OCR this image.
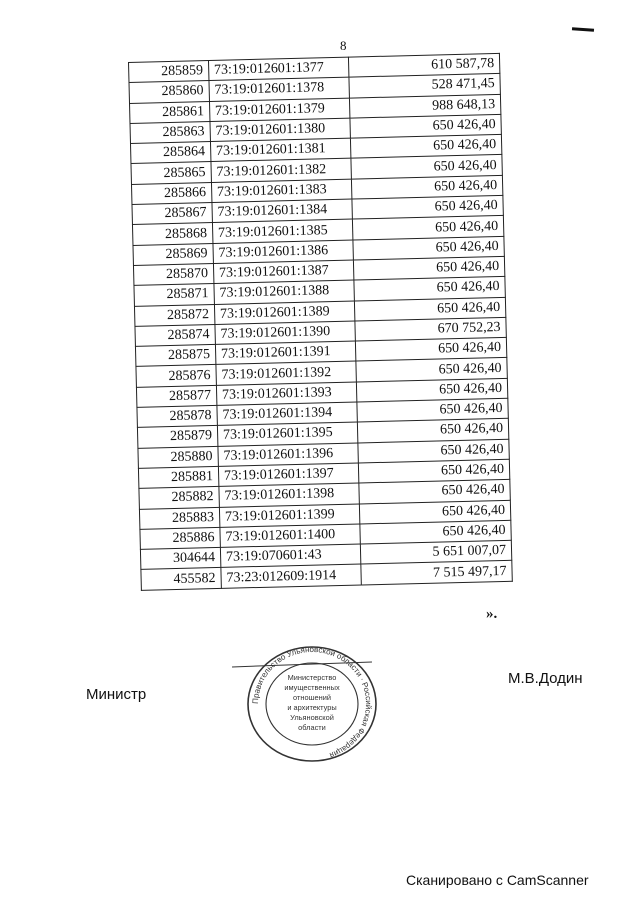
8
285859	73:19:012601:1377	610 587,78
285860	73:19:012601:1378	528 471,45
285861	73:19:012601:1379	988 648,13
285863	73:19:012601:1380	650 426,40
285864	73:19:012601:1381	650 426,40
285865	73:19:012601:1382	650 426,40
285866	73:19:012601:1383	650 426,40
285867	73:19:012601:1384	650 426,40
285868	73:19:012601:1385	650 426,40
285869	73:19:012601:1386	650 426,40
285870	73:19:012601:1387	650 426,40
285871	73:19:012601:1388	650 426,40
285872	73:19:012601:1389	650 426,40
285874	73:19:012601:1390	670 752,23
285875	73:19:012601:1391	650 426,40
285876	73:19:012601:1392	650 426,40
285877	73:19:012601:1393	650 426,40
285878	73:19:012601:1394	650 426,40
285879	73:19:012601:1395	650 426,40
285880	73:19:012601:1396	650 426,40
285881	73:19:012601:1397	650 426,40
285882	73:19:012601:1398	650 426,40
285883	73:19:012601:1399	650 426,40
285886	73:19:012601:1400	650 426,40
304644	73:19:070601:43	5 651 007,07
455582	73:23:012609:1914	7 515 497,17
».
Министр
М.В.Додин
Правительство Ульяновской области · Российская Федерация
Министерство
имущественных
отношений
и архитектуры
Ульяновской
области
Сканировано с CamScanner
